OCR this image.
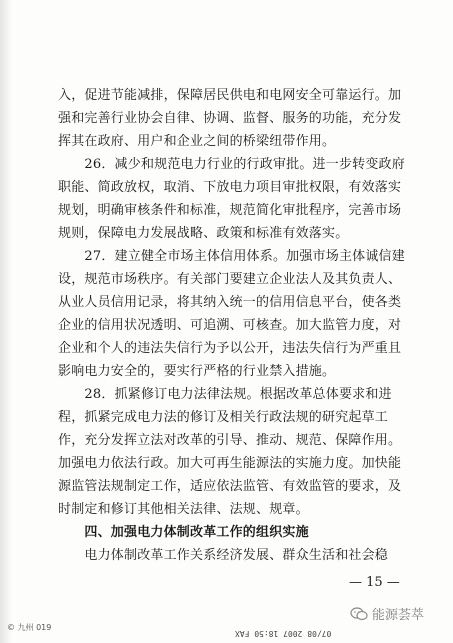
入，促进节能减排，保障居民供电和电网安全可靠运行。加
强和完善行业协会自律、协调、监督、服务的功能，充分发
挥其在政府、用户和企业之间的桥梁纽带作用。
　　26．减少和规范电力行业的行政审批。进一步转变政府
职能、简政放权，取消、下放电力项目审批权限，有效落实
规划，明确审核条件和标准，规范简化审批程序，完善市场
规则，保障电力发展战略、政策和标准有效落实。
　　27．建立健全市场主体信用体系。加强市场主体诚信建
设，规范市场秩序。有关部门要建立企业法人及其负责人、
从业人员信用记录，将其纳入统一的信用信息平台，使各类
企业的信用状况透明、可追溯、可核查。加大监管力度，对
企业和个人的违法失信行为予以公开，违法失信行为严重且
影响电力安全的，要实行严格的行业禁入措施。
　　28．抓紧修订电力法律法规。根据改革总体要求和进
程，抓紧完成电力法的修订及相关行政法规的研究起草工
作，充分发挥立法对改革的引导、推动、规范、保障作用。
加强电力依法行政。加大可再生能源法的实施力度。加快能
源监管法规制定工作，适应依法监管、有效监管的要求，及
时制定和修订其他相关法律、法规、规章。
　　四、加强电力体制改革工作的组织实施
　　电力体制改革工作关系经济发展、群众生活和社会稳
— 15 —
© 九州 019
07/08 2007 18:50 FAX
能源荟萃
